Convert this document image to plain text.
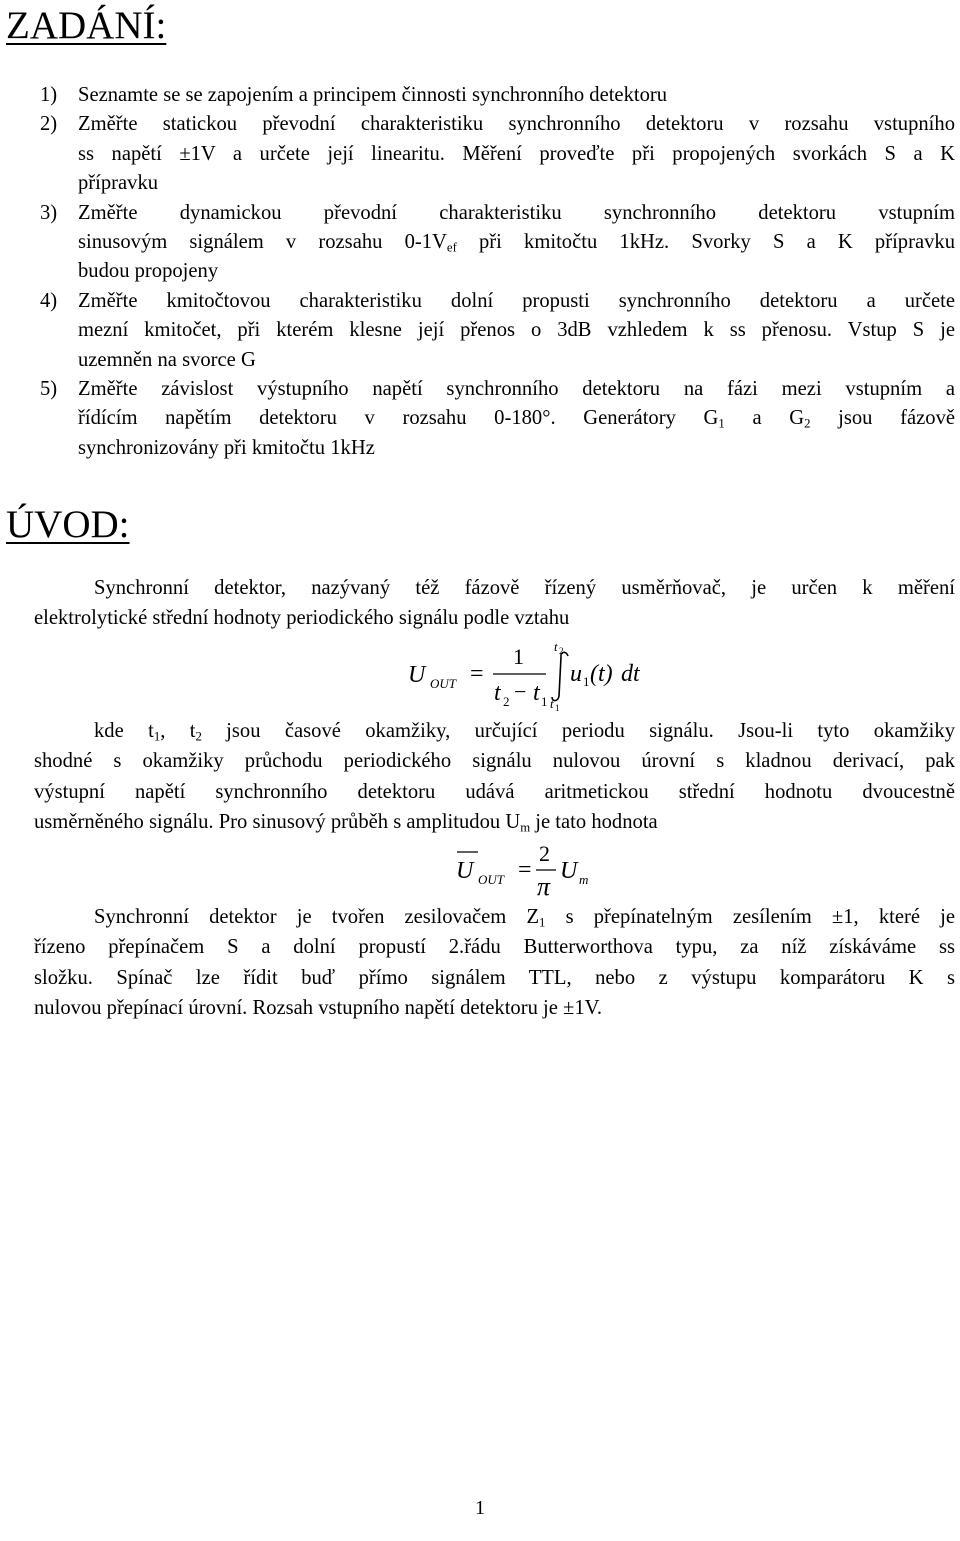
ZADÁNÍ:
1) Seznamte se se zapojením a principem činnosti synchronního detektoru
2) Změřte statickou převodní charakteristiku synchronního detektoru v rozsahu vstupního
ss napětí ±1V a určete její linearitu. Měření proveďte při propojených svorkách S a K
přípravku
3) Změřte dynamickou převodní charakteristiku synchronního detektoru vstupním
sinusovým signálem v rozsahu $0-1V_{ef}$ při kmitočtu 1kHz. Svorky S a K přípravku
budou propojeny
4) Změřte kmitočtovou charakteristiku dolní propusti synchronního detektoru a určete
mezní kmitočet, při kterém klesne její přenos o 3dB vzhledem k ss přenosu. Vstup S je
uzemněn na svorce G
5) Změřte závislost výstupního napětí synchronního detektoru na fázi mezi vstupním a
řídícím napětím detektoru v rozsahu 0-180°. Generátory $G_1$ a $G_2$ jsou fázově
synchronizovány při kmitočtu 1kHz
ÚVOD:
Synchronní detektor, nazývaný též fázově řízený usměrňovač, je určen k měření
elektrolytické střední hodnoty periodického signálu podle vztahu
U OUT =
1
t 2 − t 1
t 2
t 1
u 1 (t) dt
kde $t_1$, $t_2$ jsou časové okamžiky, určující periodu signálu. Jsou-li tyto okamžiky
shodné s okamžiky průchodu periodického signálu nulovou úrovní s kladnou derivací, pak
výstupní napětí synchronního detektoru udává aritmetickou střední hodnotu dvoucestně
usměrněného signálu. Pro sinusový průběh s amplitudou $U_m$ je tato hodnota
U OUT =
2
π
U m
Synchronní detektor je tvořen zesilovačem $Z_1$ s přepínatelným zesílením ±1, které je
řízeno přepínačem S a dolní propustí 2.řádu Butterworthova typu, za níž získáváme ss
složku. Spínač lze řídit buď přímo signálem TTL, nebo z výstupu komparátoru K s
nulovou přepínací úrovní. Rozsah vstupního napětí detektoru je ±1V.
1
